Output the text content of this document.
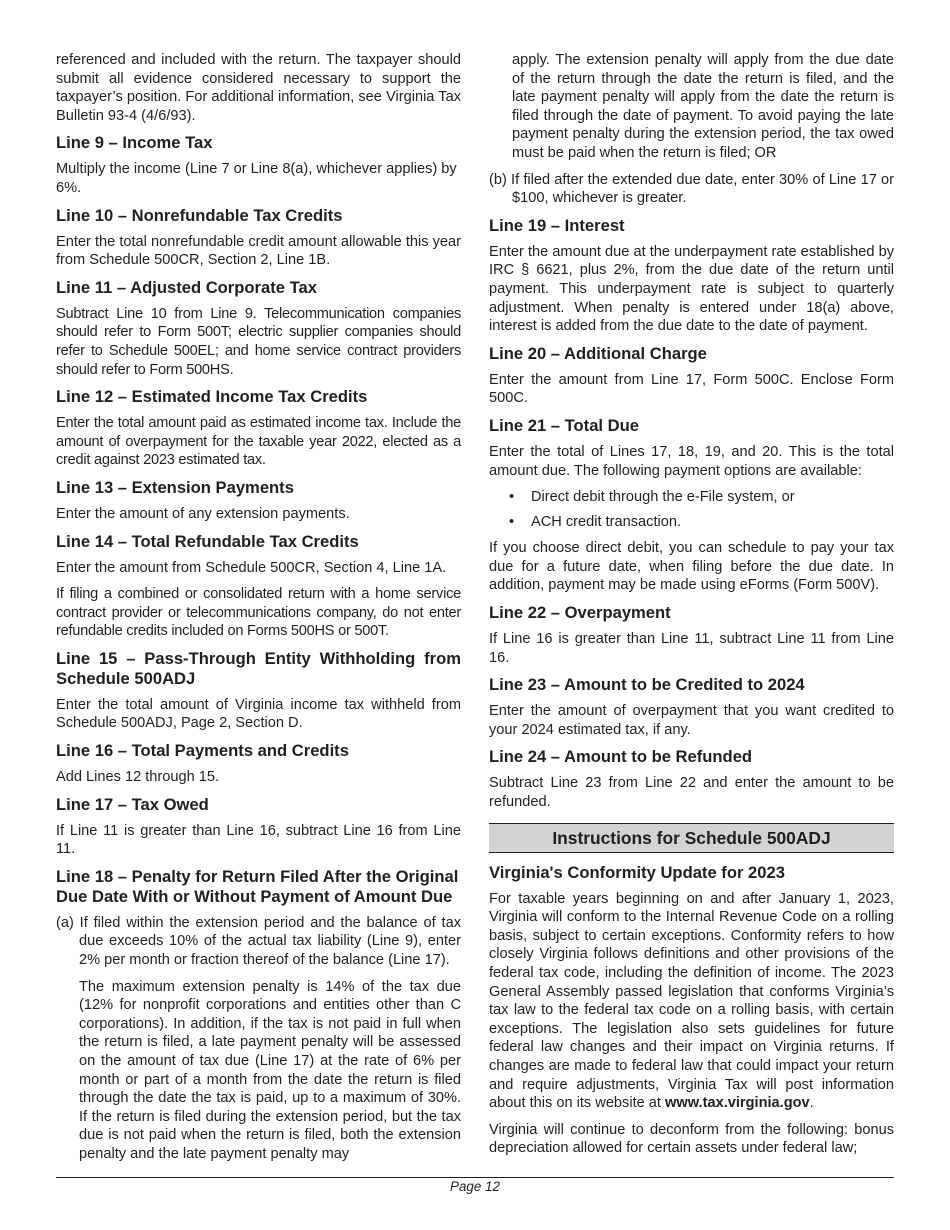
referenced and included with the return. The taxpayer should submit all evidence considered necessary to support the taxpayer’s position. For additional information, see Virginia Tax Bulletin 93-4 (4/6/93).

Line 9 – Income Tax

Multiply the income (Line 7 or Line 8(a), whichever applies) by 6%.

Line 10 – Nonrefundable Tax Credits

Enter the total nonrefundable credit amount allowable this year from Schedule 500CR, Section 2, Line 1B.

Line 11 – Adjusted Corporate Tax

Subtract Line 10 from Line 9. Telecommunication companies should refer to Form 500T; electric supplier companies should refer to Schedule 500EL; and home service contract providers should refer to Form 500HS.

Line 12 – Estimated Income Tax Credits

Enter the total amount paid as estimated income tax. Include the amount of overpayment for the taxable year 2022, elected as a credit against 2023 estimated tax.

Line 13 – Extension Payments

Enter the amount of any extension payments.

Line 14 – Total Refundable Tax Credits

Enter the amount from Schedule 500CR, Section 4, Line 1A.

If filing a combined or consolidated return with a home service contract provider or telecommunications company, do not enter refundable credits included on Forms 500HS or 500T.

Line 15 – Pass-Through Entity Withholding from Schedule 500ADJ

Enter the total amount of Virginia income tax withheld from Schedule 500ADJ, Page 2, Section D.

Line 16 – Total Payments and Credits

Add Lines 12 through 15.

Line 17 – Tax Owed

If Line 11 is greater than Line 16, subtract Line 16 from Line 11.

Line 18 – Penalty for Return Filed After the Original Due Date With or Without Payment of Amount Due

(a) If filed within the extension period and the balance of tax due exceeds 10% of the actual tax liability (Line 9), enter 2% per month or fraction thereof of the balance (Line 17).

The maximum extension penalty is 14% of the tax due (12% for nonprofit corporations and entities other than C corporations). In addition, if the tax is not paid in full when the return is filed, a late payment penalty will be assessed on the amount of tax due (Line 17) at the rate of 6% per month or part of a month from the date the return is filed through the date the tax is paid, up to a maximum of 30%. If the return is filed during the extension period, but the tax due is not paid when the return is filed, both the extension penalty and the late payment penalty may

apply. The extension penalty will apply from the due date of the return through the date the return is filed, and the late payment penalty will apply from the date the return is filed through the date of payment. To avoid paying the late payment penalty during the extension period, the tax owed must be paid when the return is filed; OR

(b) If filed after the extended due date, enter 30% of Line 17 or $100, whichever is greater.

Line 19 – Interest

Enter the amount due at the underpayment rate established by IRC § 6621, plus 2%, from the due date of the return until payment. This underpayment rate is subject to quarterly adjustment. When penalty is entered under 18(a) above, interest is added from the due date to the date of payment.

Line 20 – Additional Charge

Enter the amount from Line 17, Form 500C. Enclose Form 500C.

Line 21 – Total Due

Enter the total of Lines 17, 18, 19, and 20. This is the total amount due. The following payment options are available:

• Direct debit through the e-File system, or
• ACH credit transaction.

If you choose direct debit, you can schedule to pay your tax due for a future date, when filing before the due date. In addition, payment may be made using eForms (Form 500V).

Line 22 – Overpayment

If Line 16 is greater than Line 11, subtract Line 11 from Line 16.

Line 23 – Amount to be Credited to 2024

Enter the amount of overpayment that you want credited to your 2024 estimated tax, if any.

Line 24 – Amount to be Refunded

Subtract Line 23 from Line 22 and enter the amount to be refunded.

Instructions for Schedule 500ADJ
Virginia's Conformity Update for 2023

For taxable years beginning on and after January 1, 2023, Virginia will conform to the Internal Revenue Code on a rolling basis, subject to certain exceptions. Conformity refers to how closely Virginia follows definitions and other provisions of the federal tax code, including the definition of income. The 2023 General Assembly passed legislation that conforms Virginia’s tax law to the federal tax code on a rolling basis, with certain exceptions. The legislation also sets guidelines for future federal law changes and their impact on Virginia returns. If changes are made to federal law that could impact your return and require adjustments, Virginia Tax will post information about this on its website at www.tax.virginia.gov.

Virginia will continue to deconform from the following: bonus depreciation allowed for certain assets under federal law;

Page 12
